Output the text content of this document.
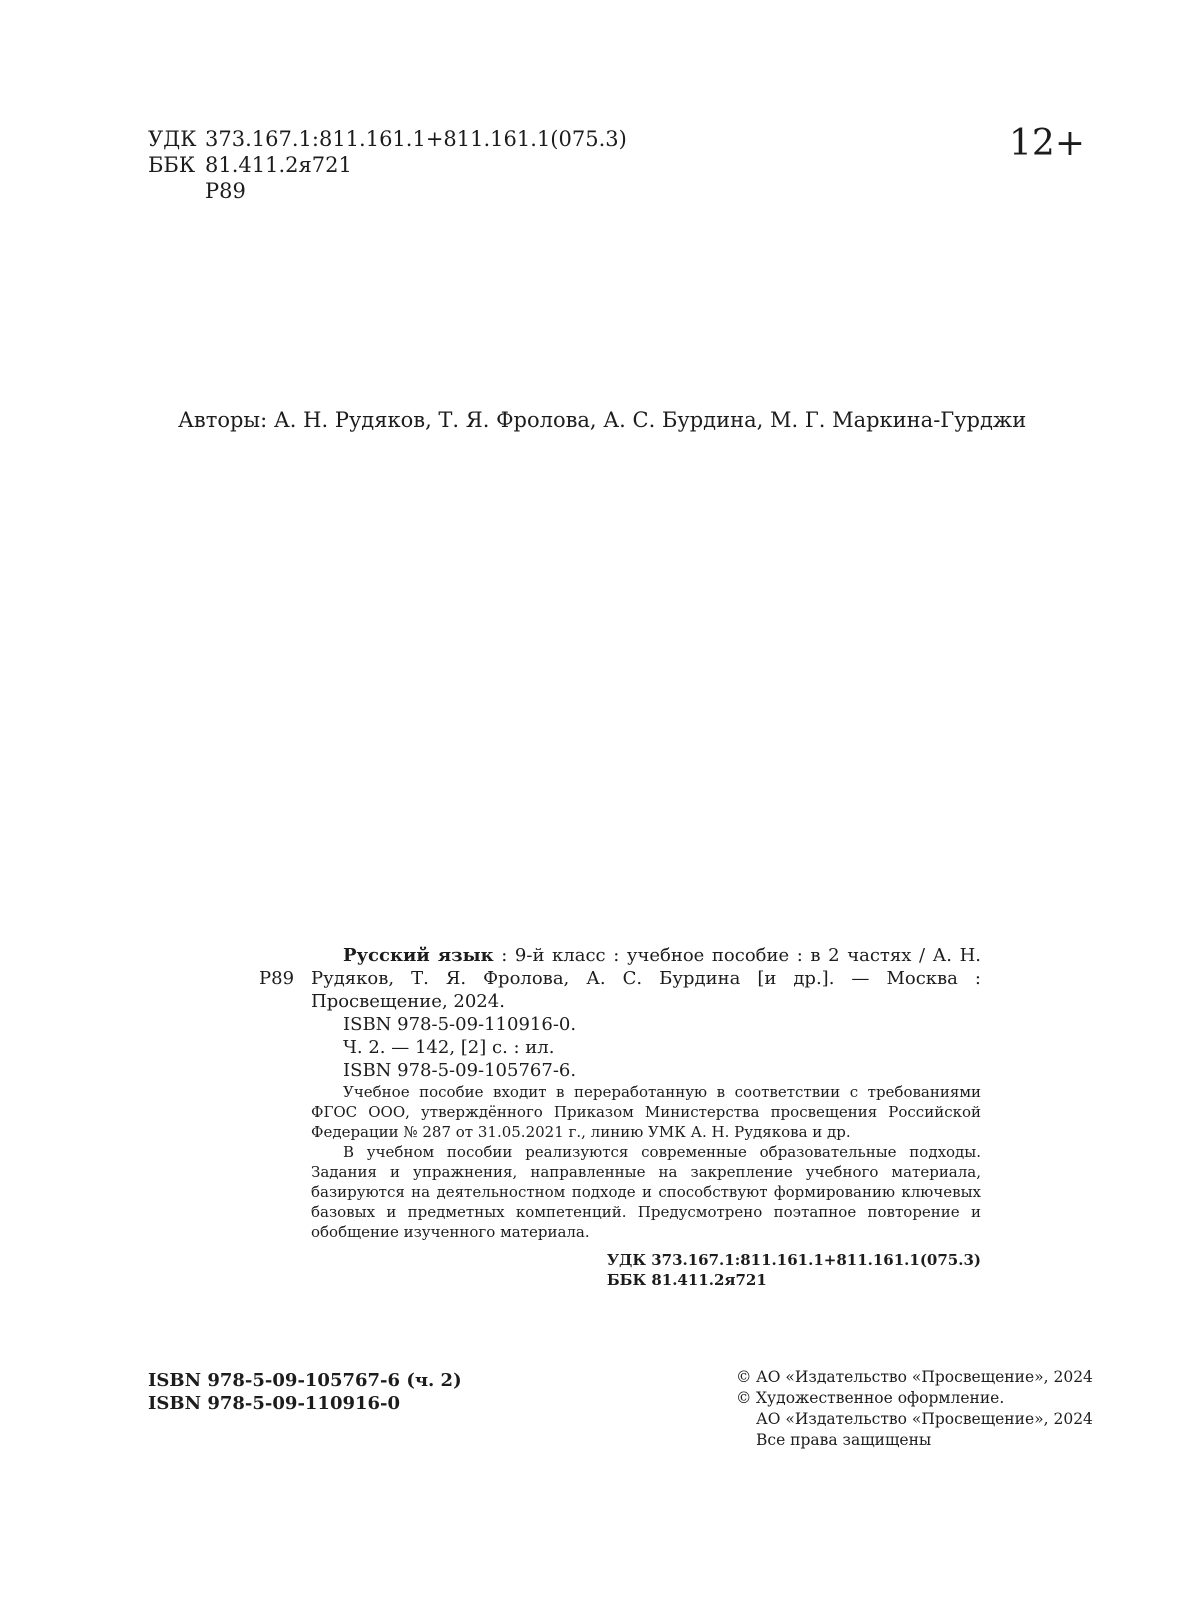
УДК 373.167.1:811.161.1+811.161.1(075.3)
ББК 81.411.2я721
Р89
12+
Авторы: А. Н. Рудяков, Т. Я. Фролова, А. С. Бурдина, М. Г. Маркина-Гурджи
Р89
Русский язык : 9-й класс : учебное пособие : в 2 частях / А. Н. Рудяков, Т. Я. Фролова, А. С. Бурдина [и др.]. — Москва : Просвещение, 2024.
ISBN 978-5-09-110916-0.
Ч. 2. — 142, [2] с. : ил.
ISBN 978-5-09-105767-6.
Учебное пособие входит в переработанную в соответствии с требованиями ФГОС ООО, утверждённого Приказом Министерства просвещения Российской Федерации № 287 от 31.05.2021 г., линию УМК А. Н. Рудякова и др.
В учебном пособии реализуются современные образовательные подходы. Задания и упражнения, направленные на закрепление учебного материала, базируются на деятельностном подходе и способствуют формированию ключевых базовых и предметных компетенций. Предусмотрено поэтапное повторение и обобщение изученного материала.
УДК 373.167.1:811.161.1+811.161.1(075.3)
ББК 81.411.2я721
ISBN 978-5-09-105767-6 (ч. 2)
ISBN 978-5-09-110916-0
© АО «Издательство «Просвещение», 2024
© Художественное оформление.
АО «Издательство «Просвещение», 2024
Все права защищены
